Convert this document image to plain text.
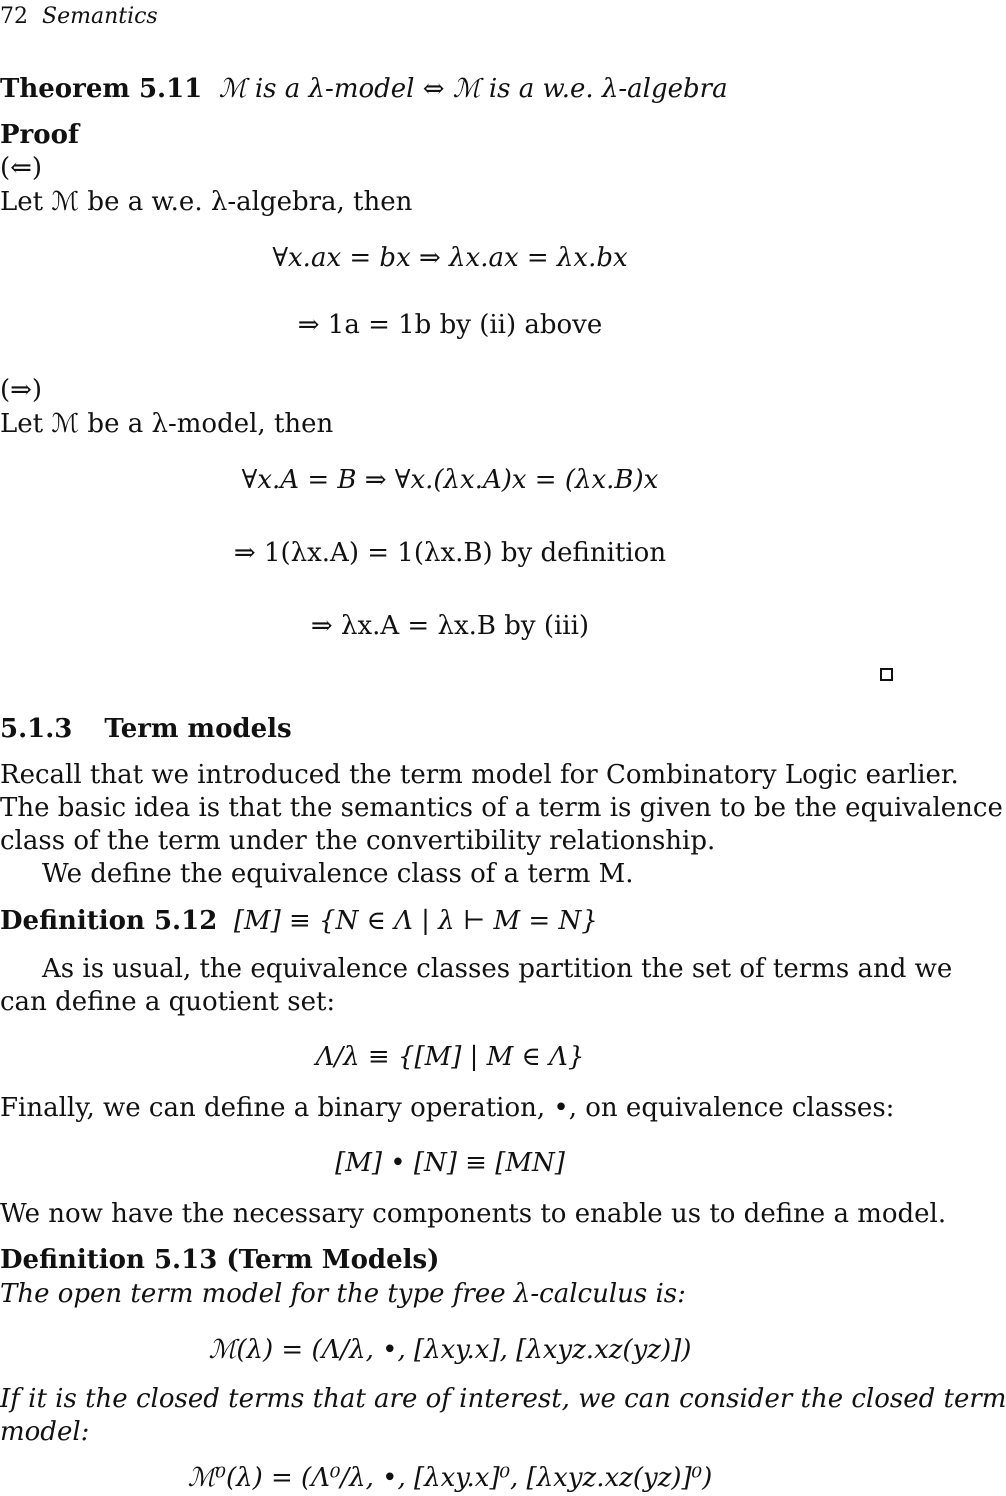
72 Semantics
Theorem 5.11 ℳ is a λ-model ⇔ ℳ is a w.e. λ-algebra
Proof
(⇐)
Let ℳ be a w.e. λ-algebra, then
∀x.ax = bx ⇒ λx.ax = λx.bx
⇒ 1a = 1b by (ii) above
(⇒)
Let ℳ be a λ-model, then
∀x.A = B ⇒ ∀x.(λx.A)x = (λx.B)x
⇒ 1(λx.A) = 1(λx.B) by definition
⇒ λx.A = λx.B by (iii)
5.1.3 Term models
Recall that we introduced the term model for Combinatory Logic earlier.
The basic idea is that the semantics of a term is given to be the equivalence
class of the term under the convertibility relationship.
We define the equivalence class of a term M.
Definition 5.12 [M] ≡ {N ∈ Λ | λ ⊢ M = N}
As is usual, the equivalence classes partition the set of terms and we
can define a quotient set:
Λ/λ ≡ {[M] | M ∈ Λ}
Finally, we can define a binary operation, •, on equivalence classes:
[M] • [N] ≡ [MN]
We now have the necessary components to enable us to define a model.
Definition 5.13 (Term Models)
The open term model for the type free λ-calculus is:
ℳ(λ) = (Λ/λ, •, [λxy.x], [λxyz.xz(yz)])
If it is the closed terms that are of interest, we can consider the closed term
model:
ℳ⁰(λ) = (Λ⁰/λ, •, [λxy.x]⁰, [λxyz.xz(yz)]⁰)
